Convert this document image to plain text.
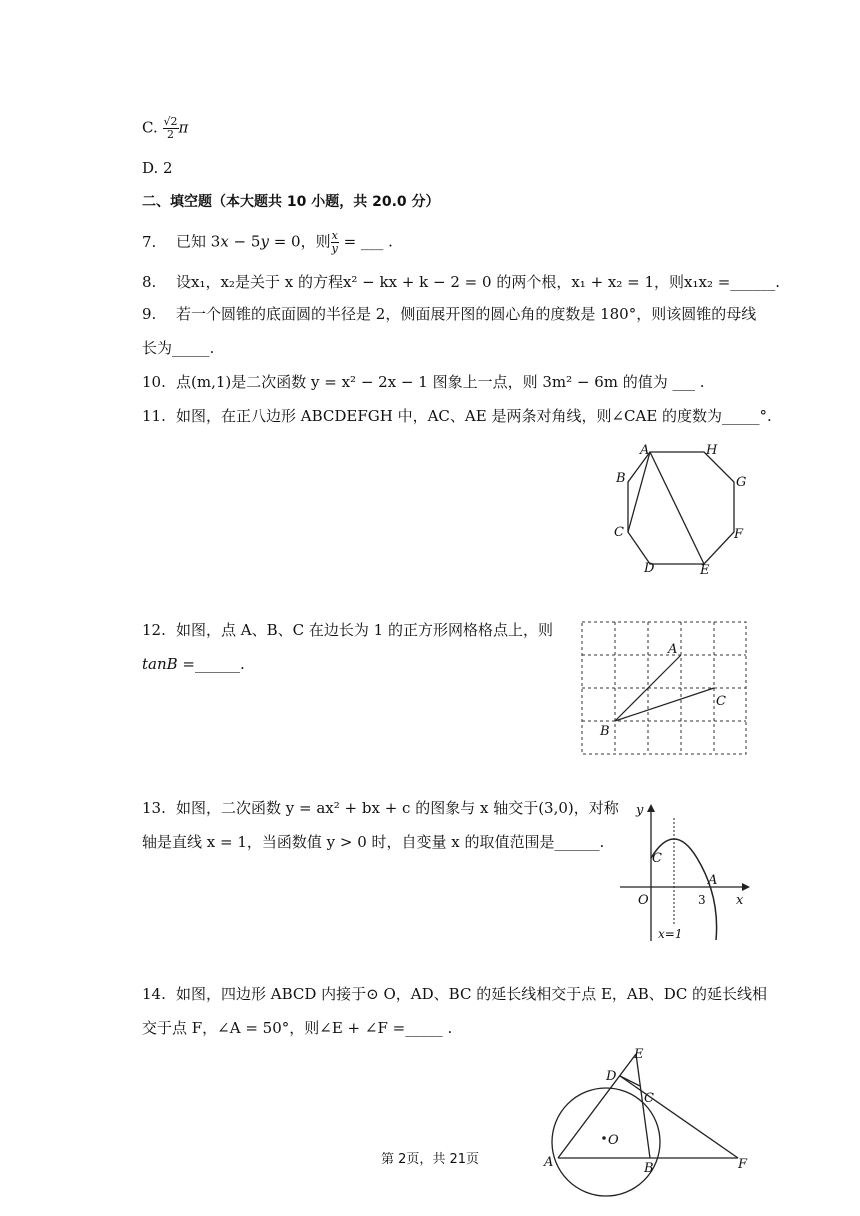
C. $\frac{√2}{2}$ π
D. 2
二、填空题（本大题共 10 小题，共 20.0 分）
7. 已知 3x − 5y = 0，则 $\frac{x}{y}$ = ___ .
8. 设x₁，x₂是关于 x 的方程x² − kx + k − 2 = 0 的两个根，x₁ + x₂ = 1，则x₁x₂ =______.
9. 若一个圆锥的底面圆的半径是 2，侧面展开图的圆心角的度数是 180°，则该圆锥的母线
长为_____.
10. 点(m,1)是二次函数 y = x² − 2x − 1 图象上一点，则 3m² − 6m 的值为 ___ .
11. 如图，在正八边形 ABCDEFGH 中，AC、AE 是两条对角线，则∠CAE 的度数为_____°.
A	H
G
F
E
D
C
B
12. 如图，点 A、B、C 在边长为 1 的正方形网格格点上，则
tanB =______.
A
B
C
13. 如图，二次函数 y = ax² + bx + c 的图象与 x 轴交于(3,0)，对称
轴是直线 x = 1，当函数值 y > 0 时，自变量 x 的取值范围是______.
y
x
O
C
A
3
x=1
14. 如图，四边形 ABCD 内接于⊙ O，AD、BC 的延长线相交于点 E，AB、DC 的延长线相
交于点 F，∠A = 50°，则∠E + ∠F =_____ .
A	B
C
D
E
F
O
第 2页，共 21页
